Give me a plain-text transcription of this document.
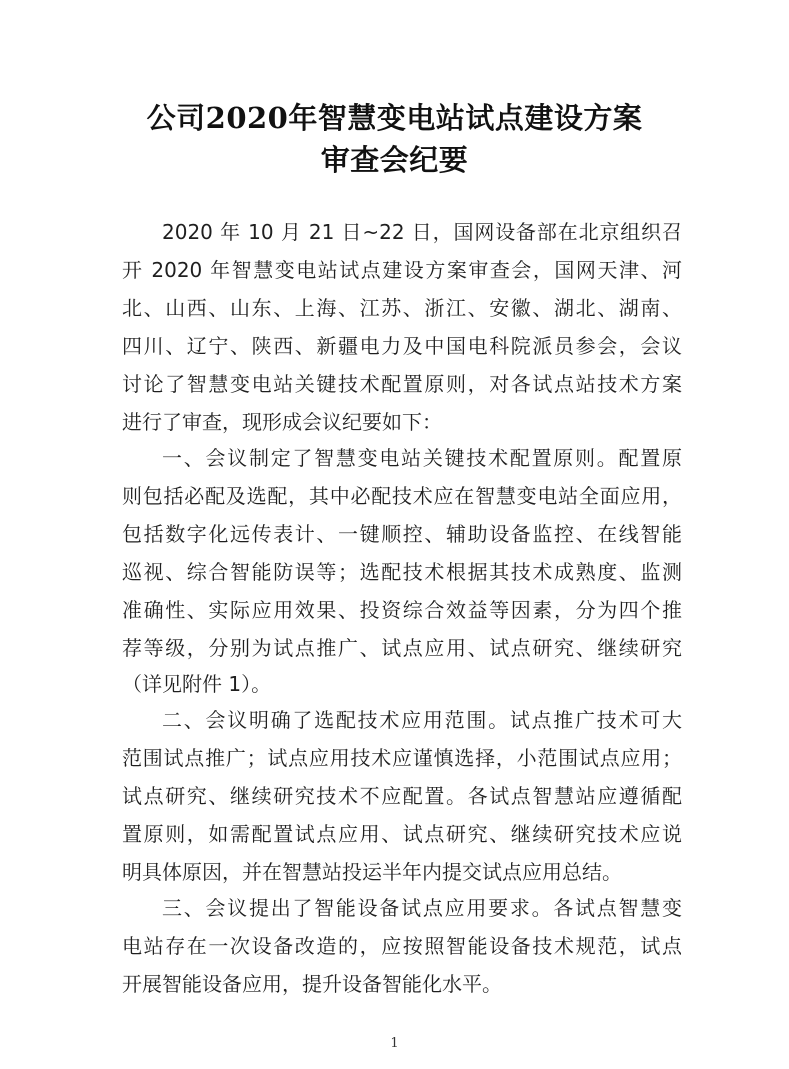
公司2020年智慧变电站试点建设方案
审查会纪要
2020 年 10 月 21 日~22 日，国网设备部在北京组织召
开 2020 年智慧变电站试点建设方案审查会，国网天津、河
北、山西、山东、上海、江苏、浙江、安徽、湖北、湖南、
四川、辽宁、陕西、新疆电力及中国电科院派员参会，会议
讨论了智慧变电站关键技术配置原则，对各试点站技术方案
进行了审查，现形成会议纪要如下：
一、会议制定了智慧变电站关键技术配置原则。配置原
则包括必配及选配，其中必配技术应在智慧变电站全面应用，
包括数字化远传表计、一键顺控、辅助设备监控、在线智能
巡视、综合智能防误等；选配技术根据其技术成熟度、监测
准确性、实际应用效果、投资综合效益等因素，分为四个推
荐等级，分别为试点推广、试点应用、试点研究、继续研究
（详见附件 1）。
二、会议明确了选配技术应用范围。试点推广技术可大
范围试点推广；试点应用技术应谨慎选择，小范围试点应用；
试点研究、继续研究技术不应配置。各试点智慧站应遵循配
置原则，如需配置试点应用、试点研究、继续研究技术应说
明具体原因，并在智慧站投运半年内提交试点应用总结。
三、会议提出了智能设备试点应用要求。各试点智慧变
电站存在一次设备改造的，应按照智能设备技术规范，试点
开展智能设备应用，提升设备智能化水平。
1
